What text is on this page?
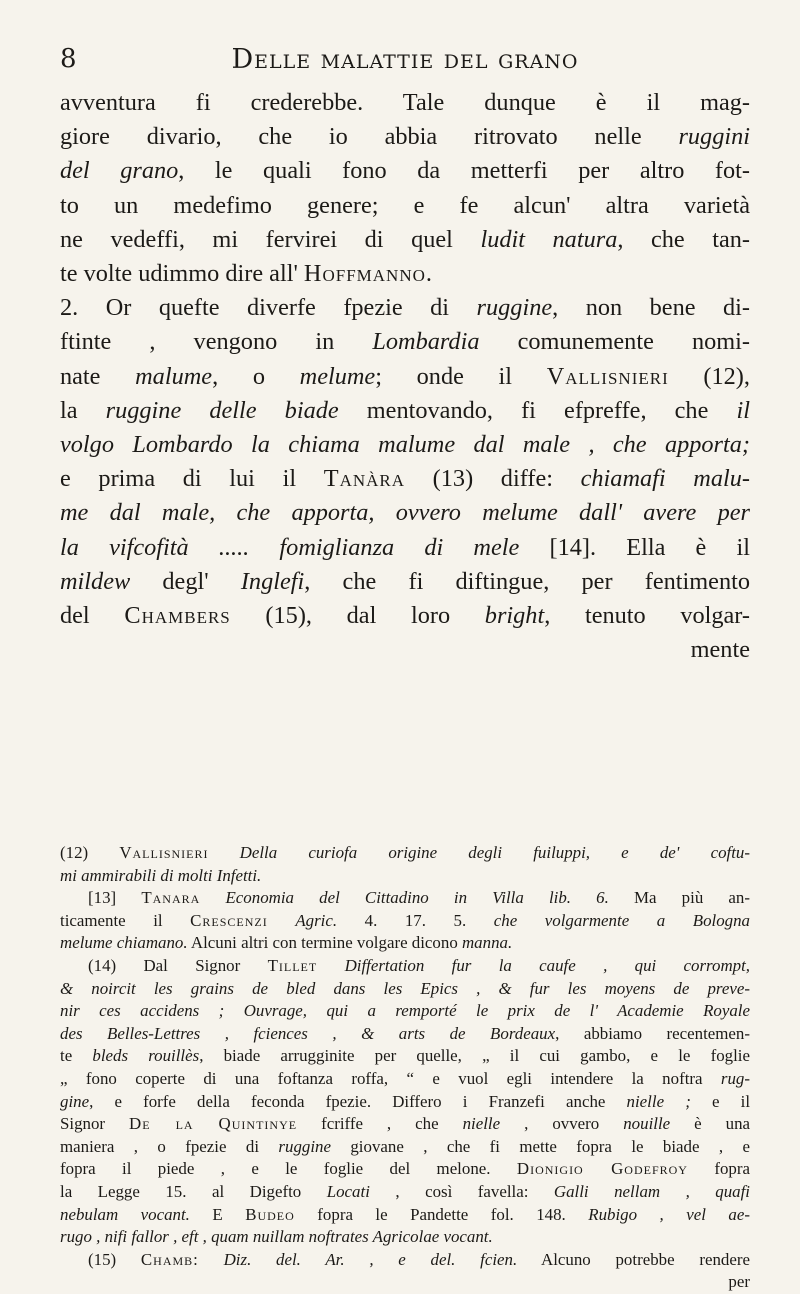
8	Delle malattie del grano
avventura fi crederebbe. Tale dunque è il mag-
giore divario, che io abbia ritrovato nelle ruggini
del grano, le quali fono da metterfi per altro fot-
to un medefimo genere; e fe alcun' altra varietà
ne vedeffi, mi fervirei di quel ludit natura, che tan-
te volte udimmo dire all' Hoffmanno.
2. Or quefte diverfe fpezie di ruggine, non bene di-
ftinte , vengono in Lombardia comunemente nomi-
nate malume, o melume; onde il Vallisnieri (12),
la ruggine delle biade mentovando, fi efpreffe, che il
volgo Lombardo la chiama malume dal male , che apporta;
e prima di lui il Tanàra (13) diffe: chiamafi malu-
me dal male, che apporta, ovvero melume dall' avere per
la vifcofità ..... fomiglianza di mele [14]. Ella è il
mildew degl' Inglefi, che fi diftingue, per fentimento
del Chambers (15), dal loro bright, tenuto volgar-
mente
(12) Vallisnieri Della curiofa origine degli fuiluppi, e de' coftu-
mi ammirabili di molti Infetti.
[13] Tanara Economia del Cittadino in Villa lib. 6. Ma più an-
ticamente il Crescenzi Agric. 4. 17. 5. che volgarmente a Bologna
melume chiamano. Alcuni altri con termine volgare dicono manna.
(14) Dal Signor Tillet Differtation fur la caufe , qui corrompt,
& noircit les grains de bled dans les Epics , & fur les moyens de preve-
nir ces accidens ; Ouvrage, qui a remporté le prix de l' Academie Royale
des Belles-Lettres , fciences , & arts de Bordeaux, abbiamo recentemen-
te bleds rouillès, biade arrugginite per quelle, „ il cui gambo, e le foglie
„ fono coperte di una foftanza roffa, “ e vuol egli intendere la noftra rug-
gine, e forfe della feconda fpezie. Differo i Franzefi anche nielle ; e il
Signor De la Quintinye fcriffe , che nielle , ovvero nouille è una
maniera , o fpezie di ruggine giovane , che fi mette fopra le biade , e
fopra il piede , e le foglie del melone. Dionigio Godefroy fopra
la Legge 15. al Digefto Locati , così favella: Galli nellam , quafi
nebulam vocant. E Budeo fopra le Pandette fol. 148. Rubigo , vel ae-
rugo , nifi fallor , eft , quam nuillam noftrates Agricolae vocant.
(15) Chamb: Diz. del. Ar. , e del. fcien. Alcuno potrebbe rendere
per
